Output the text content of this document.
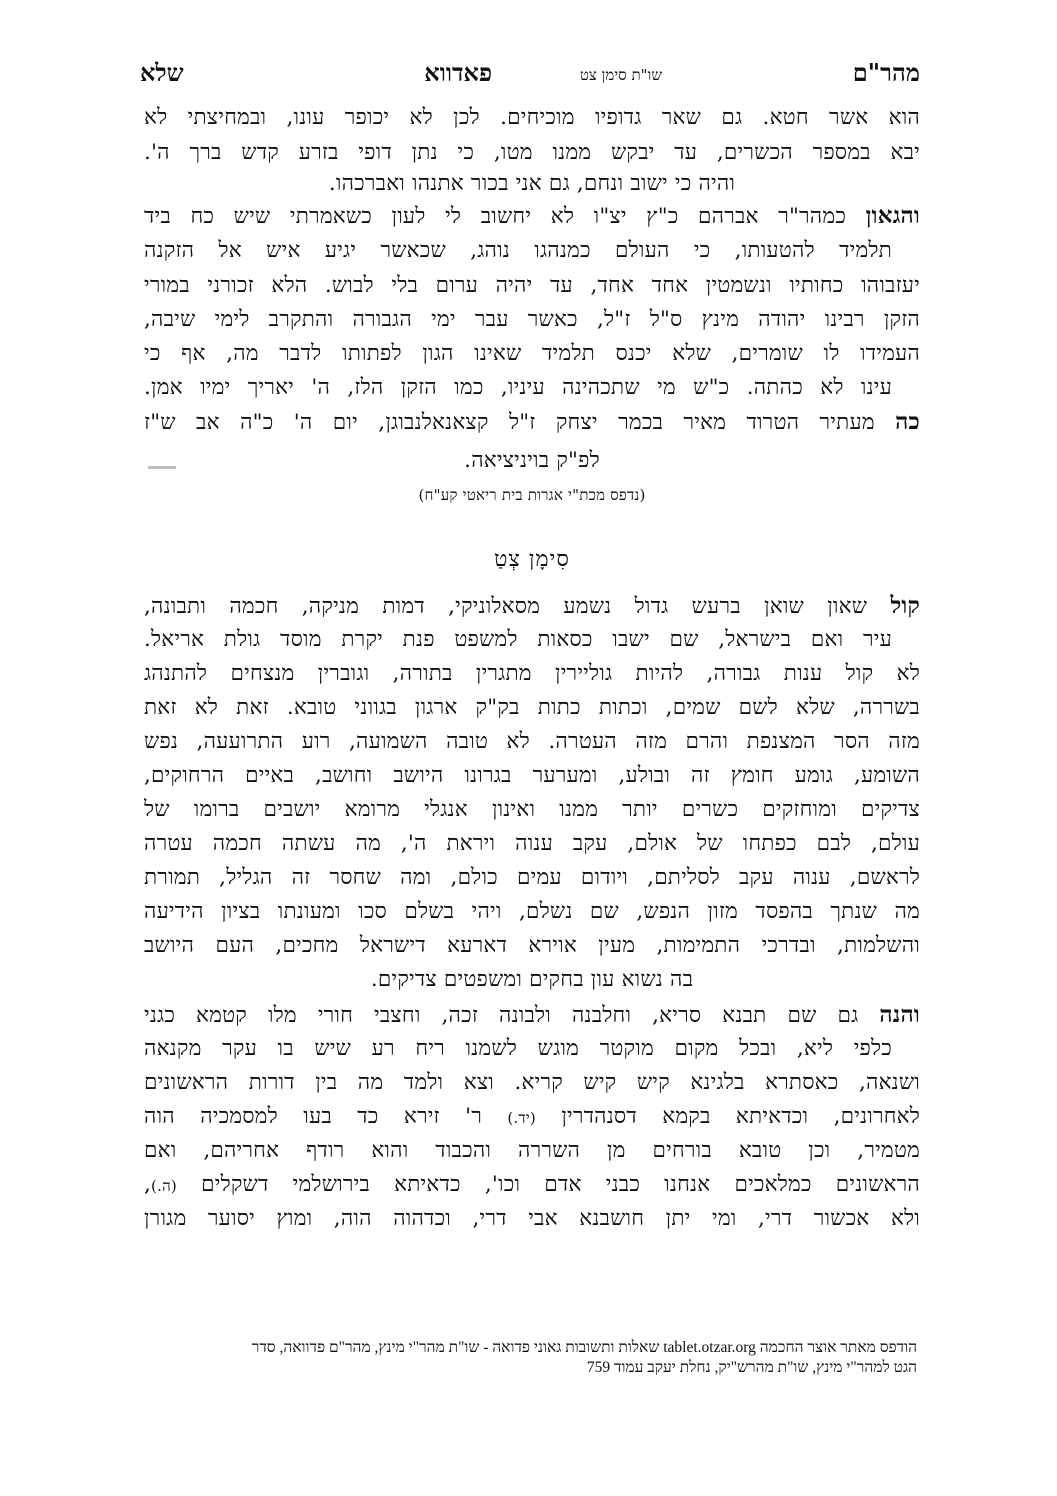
מהר"ם
שו"ת סימן צט
פאדווא
שלא
הוא אשר חטא. גם שאר גדופיו מוכיחים. לכן לא יכופר עונו, ובמחיצתי לא
יבא במספר הכשרים, עד יבקש ממנו מטו, כי נתן דופי בזרע קדש ברך ה'.
והיה כי ישוב ונחם, גם אני בכור אתנהו ואברכהו.
והגאון כמהר"ר אברהם כ"ץ יצ"ו לא יחשוב לי לעון כשאמרתי שיש כח ביד
תלמיד להטעותו, כי העולם כמנהגו נוהג, שכאשר יגיע איש אל הזקנה
יעזבוהו כחותיו ונשמטין אחד אחד, עד יהיה ערום בלי לבוש. הלא זכורני במורי
הזקן רבינו יהודה מינץ ס"ל ז"ל, כאשר עבר ימי הגבורה והתקרב לימי שיבה,
העמידו לו שומרים, שלא יכנס תלמיד שאינו הגון לפתותו לדבר מה, אף כי
עינו לא כהתה. כ"ש מי שתכהינה עיניו, כמו הזקן הלז, ה' יאריך ימיו אמן.
כה מעתיר הטרוד מאיר בכמר יצחק ז"ל קצאנאלנבוגן, יום ה' כ"ה אב ש"ז
לפ"ק בויניציאה.
(נדפס מכת"י אגרות בית ריאטי קע"ח)
סִימָן צְטַ
קול שאון שואן ברעש גדול נשמע מסאלוניקי, דמות מניקה, חכמה ותבונה,
עיר ואם בישראל, שם ישבו כסאות למשפט פנת יקרת מוסד גולת אריאל.
לא קול ענות גבורה, להיות גוליירין מתגרין בתורה, וגוברין מנצחים להתנהג
בשררה, שלא לשם שמים, וכתות כתות בק"ק ארגון בגווני טובא. זאת לא זאת
מזה הסר המצנפת והרם מזה העטרה. לא טובה השמועה, רוע התרועעה, נפש
השומע, גומע חומץ זה ובולע, ומערער בגרונו היושב וחושב, באיים הרחוקים,
צדיקים ומוחזקים כשרים יותר ממנו ואינון אנגלי מרומא יושבים ברומו של
עולם, לבם כפתחו של אולם, עקב ענוה ויראת ה', מה עשתה חכמה עטרה
לראשם, ענוה עקב לסליתם, ויודום עמים כולם, ומה שחסר זה הגליל, תמורת
מה שנתך בהפסד מזון הנפש, שם נשלם, ויהי בשלם סכו ומעונתו בציון הידיעה
והשלמות, ובדרכי התמימות, מעין אוירא דארעא דישראל מחכים, העם היושב
בה נשוא עון בחקים ומשפטים צדיקים.
והנה גם שם תבנא סריא, וחלבנה ולבונה זכה, וחצבי חורי מלו קטמא כגני
כלפי ליא, ובכל מקום מוקטר מוגש לשמנו ריח רע שיש בו עקר מקנאה
ושנאה, כאסתרא בלגינא קיש קיש קריא. וצא ולמד מה בין דורות הראשונים
לאחרונים, וכדאיתא בקמא דסנהדרין (יד.) ר' זירא כד בעו למסמכיה הוה
מטמיר, וכן טובא בורחים מן השררה והכבוד והוא רודף אחריהם, ואם
הראשונים כמלאכים אנחנו כבני אדם וכו', כדאיתא בירושלמי דשקלים (ה.),
ולא אכשור דרי, ומי יתן חושבנא אבי דרי, וכדהוה הוה, ומוץ יסוער מגורן
הודפס מאתר אוצר החכמה tablet.otzar.org שאלות ותשובות גאוני פדואה - שו"ת מהר"י מינץ, מהר"ם פדוואה, סדר
הגט למהר"י מינץ, שו"ת מהרש"יק, נחלת יעקב עמוד 759
